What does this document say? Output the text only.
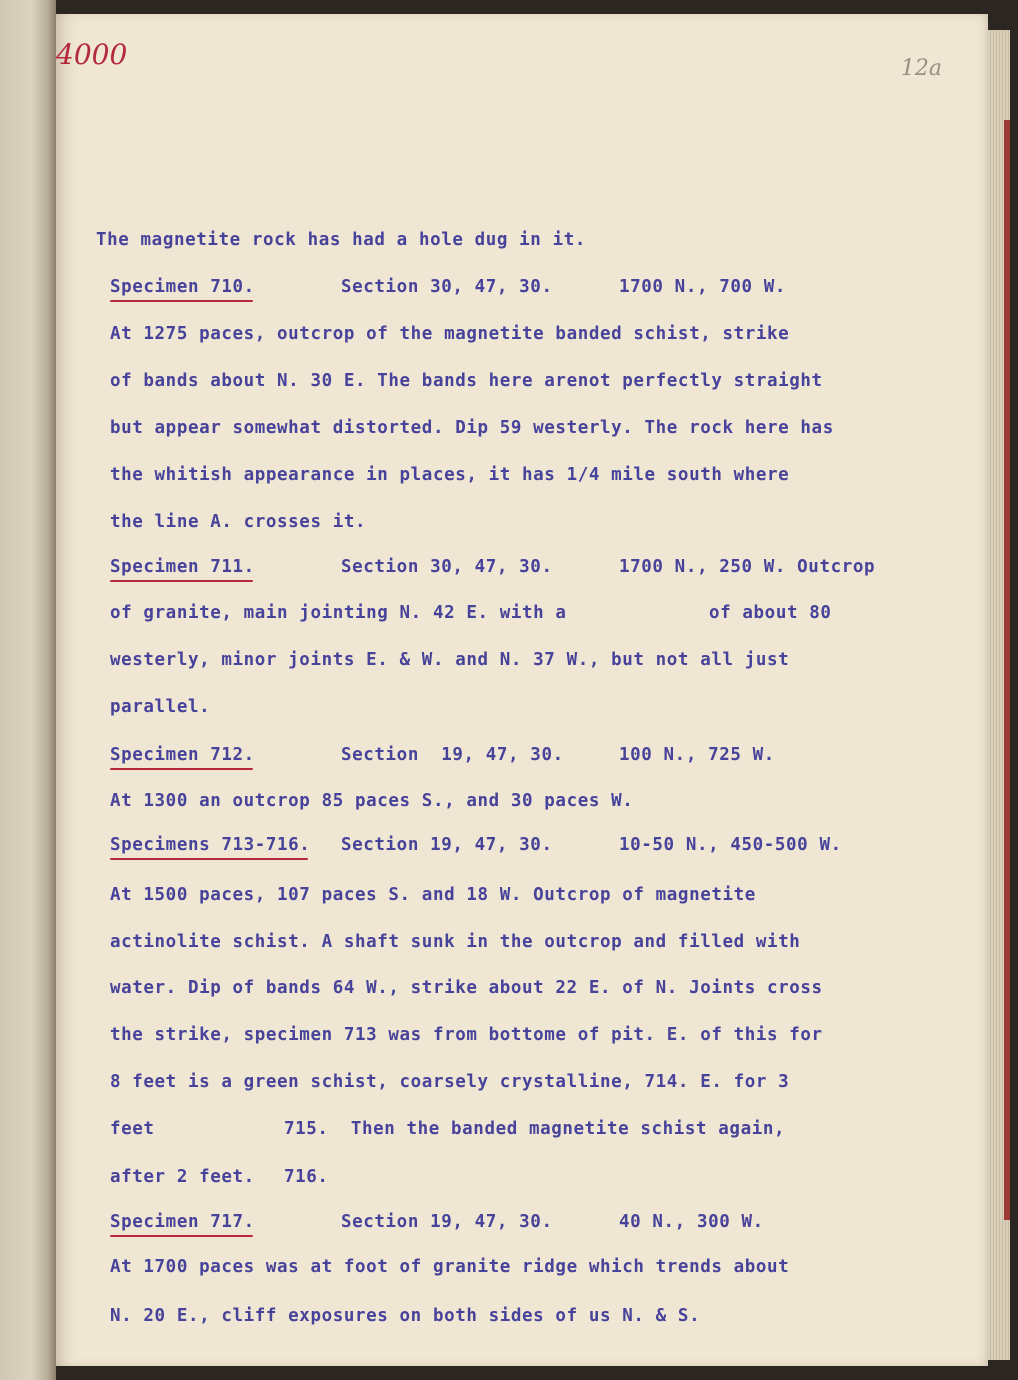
4000	12a
The magnetite rock has had a hole dug in it.
Specimen 710.	Section 30, 47, 30.	1700 N., 700 W.
At 1275 paces, outcrop of the magnetite banded schist, strike
of bands about N. 30 E. The bands here arenot perfectly straight
but appear somewhat distorted. Dip 59 westerly. The rock here has
the whitish appearance in places, it has 1/4 mile south where
the line A. crosses it.
Specimen 711.	Section 30, 47, 30.	1700 N., 250 W. Outcrop
of granite, main jointing N. 42 E. with a	of about 80
westerly, minor joints E. & W. and N. 37 W., but not all just
parallel.
Specimen 712.	Section  19, 47, 30.	100 N., 725 W.
At 1300 an outcrop 85 paces S., and 30 paces W.
Specimens 713-716. Section 19, 47, 30.	10-50 N., 450-500 W.
At 1500 paces, 107 paces S. and 18 W. Outcrop of magnetite
actinolite schist. A shaft sunk in the outcrop and filled with
water. Dip of bands 64 W., strike about 22 E. of N. Joints cross
the strike, specimen 713 was from bottome of pit. E. of this for
8 feet is a green schist, coarsely crystalline, 714. E. for 3
feet	715.  Then the banded magnetite schist again,
after 2 feet. 716.
Specimen 717.	Section 19, 47, 30.	40 N., 300 W.
At 1700 paces was at foot of granite ridge which trends about
N. 20 E., cliff exposures on both sides of us N. & S.
